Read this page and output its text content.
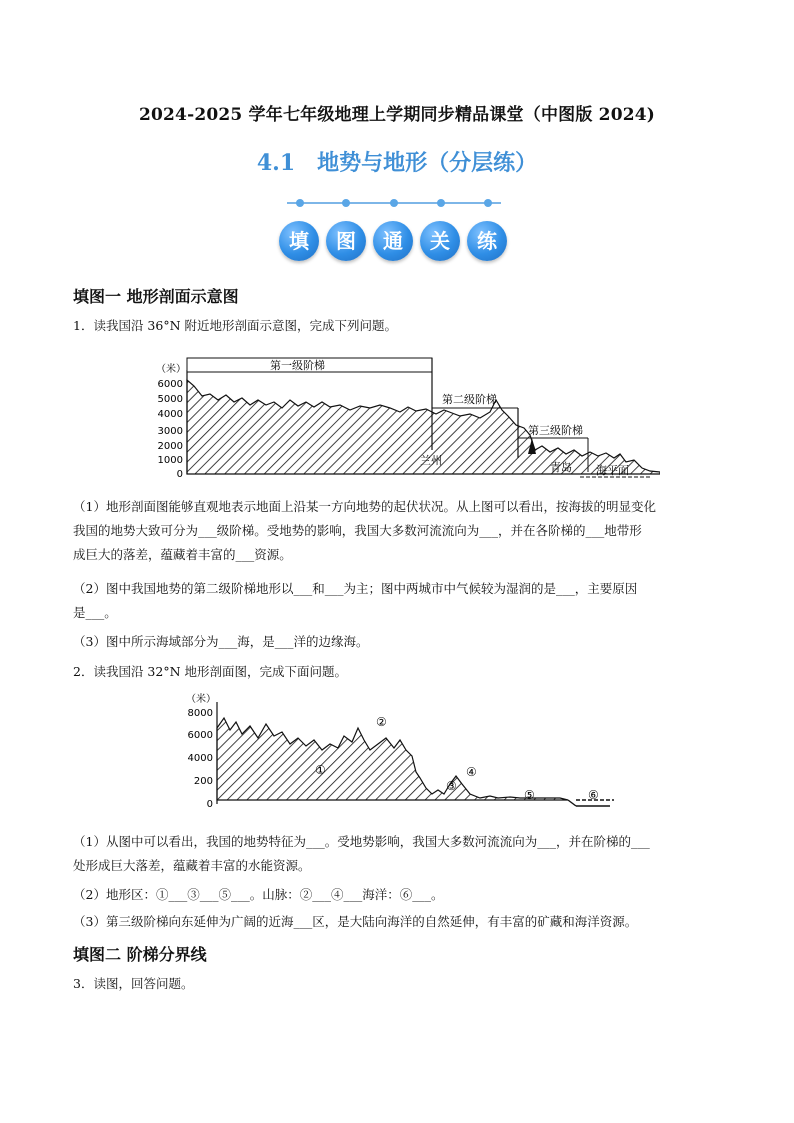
2024-2025 学年七年级地理上学期同步精品课堂（中图版 2024)
4.1　地势与地形（分层练）
填	图	通	关	练
填图一 地形剖面示意图
1．读我国沿 36°N 附近地形剖面示意图，完成下列问题。
（米）
6000
5000
4000
3000
2000
1000
0
第一级阶梯
第二级阶梯
第三级阶梯
兰州
青岛 海平面
（1）地形剖面图能够直观地表示地面上沿某一方向地势的起伏状况。从上图可以看出，按海拔的明显变化
我国的地势大致可分为___级阶梯。受地势的影响，我国大多数河流流向为___，并在各阶梯的___地带形
成巨大的落差，蕴藏着丰富的___资源。
（2）图中我国地势的第二级阶梯地形以___和___为主；图中两城市中气候较为湿润的是___，主要原因
是___。
（3）图中所示海域部分为___海，是___洋的边缘海。
2．读我国沿 32°N 地形剖面图，完成下面问题。
（米）
8000
6000
4000
200
0
①
②
③
④
⑤	⑥
（1）从图中可以看出，我国的地势特征为___。受地势影响，我国大多数河流流向为___，并在阶梯的___
处形成巨大落差，蕴藏着丰富的水能资源。
（2）地形区：①___③___⑤___。山脉：②___④___海洋：⑥___。
（3）第三级阶梯向东延伸为广阔的近海___区，是大陆向海洋的自然延伸，有丰富的矿藏和海洋资源。
填图二 阶梯分界线
3．读图，回答问题。
